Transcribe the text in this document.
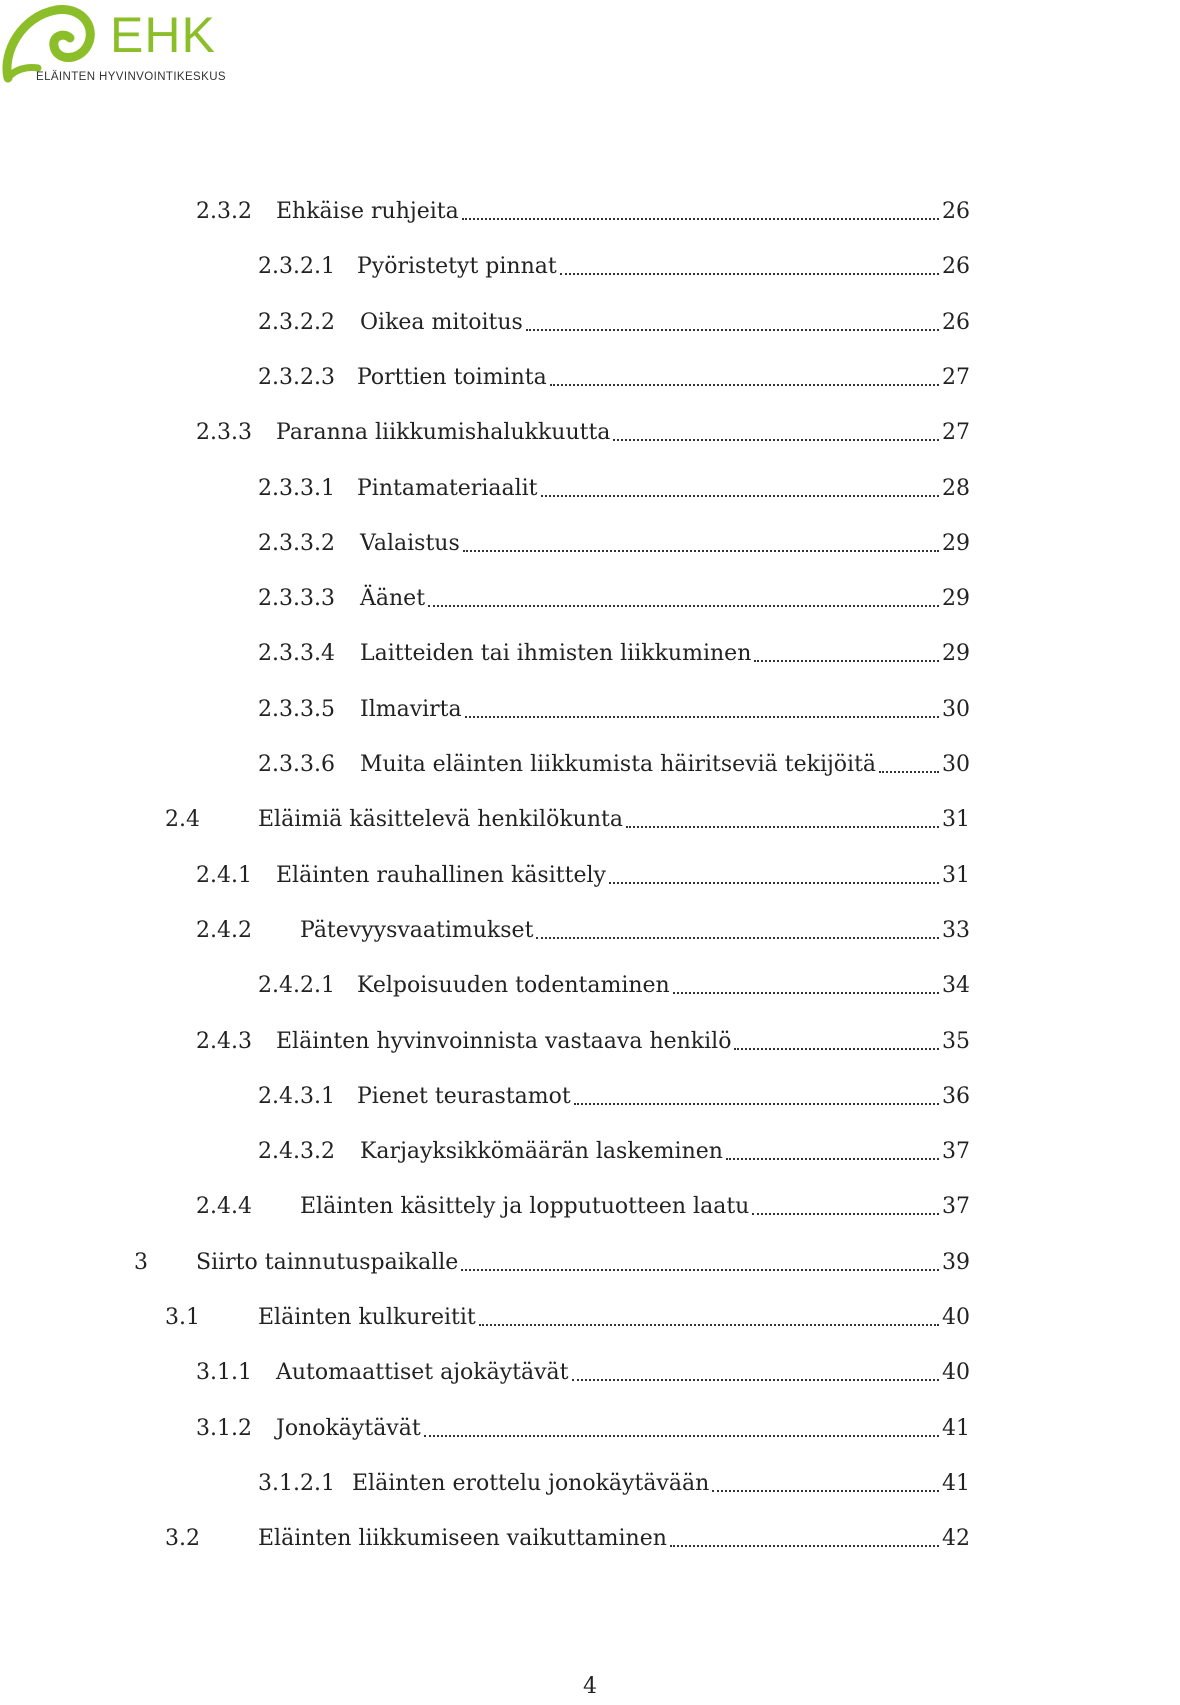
EHK
ELÄINTEN HYVINVOINTIKESKUS
2.3.2	Ehkäise ruhjeita	26
2.3.2.1	Pyöristetyt pinnat	26
2.3.2.2	Oikea mitoitus	26
2.3.2.3	Porttien toiminta	27
2.3.3	Paranna liikkumishalukkuutta	27
2.3.3.1	Pintamateriaalit	28
2.3.3.2	Valaistus	29
2.3.3.3	Äänet	29
2.3.3.4	Laitteiden tai ihmisten liikkuminen	29
2.3.3.5	Ilmavirta	30
2.3.3.6	Muita eläinten liikkumista häiritseviä tekijöitä	30
2.4	Eläimiä käsittelevä henkilökunta	31
2.4.1	Eläinten rauhallinen käsittely	31
2.4.2	Pätevyysvaatimukset	33
2.4.2.1	Kelpoisuuden todentaminen	34
2.4.3	Eläinten hyvinvoinnista vastaava henkilö	35
2.4.3.1	Pienet teurastamot	36
2.4.3.2	Karjayksikkömäärän laskeminen	37
2.4.4	Eläinten käsittely ja lopputuotteen laatu	37
3	Siirto tainnutuspaikalle	39
3.1	Eläinten kulkureitit	40
3.1.1	Automaattiset ajokäytävät	40
3.1.2	Jonokäytävät	41
3.1.2.1 Eläinten erottelu jonokäytävään	41
3.2	Eläinten liikkumiseen vaikuttaminen	42
4
